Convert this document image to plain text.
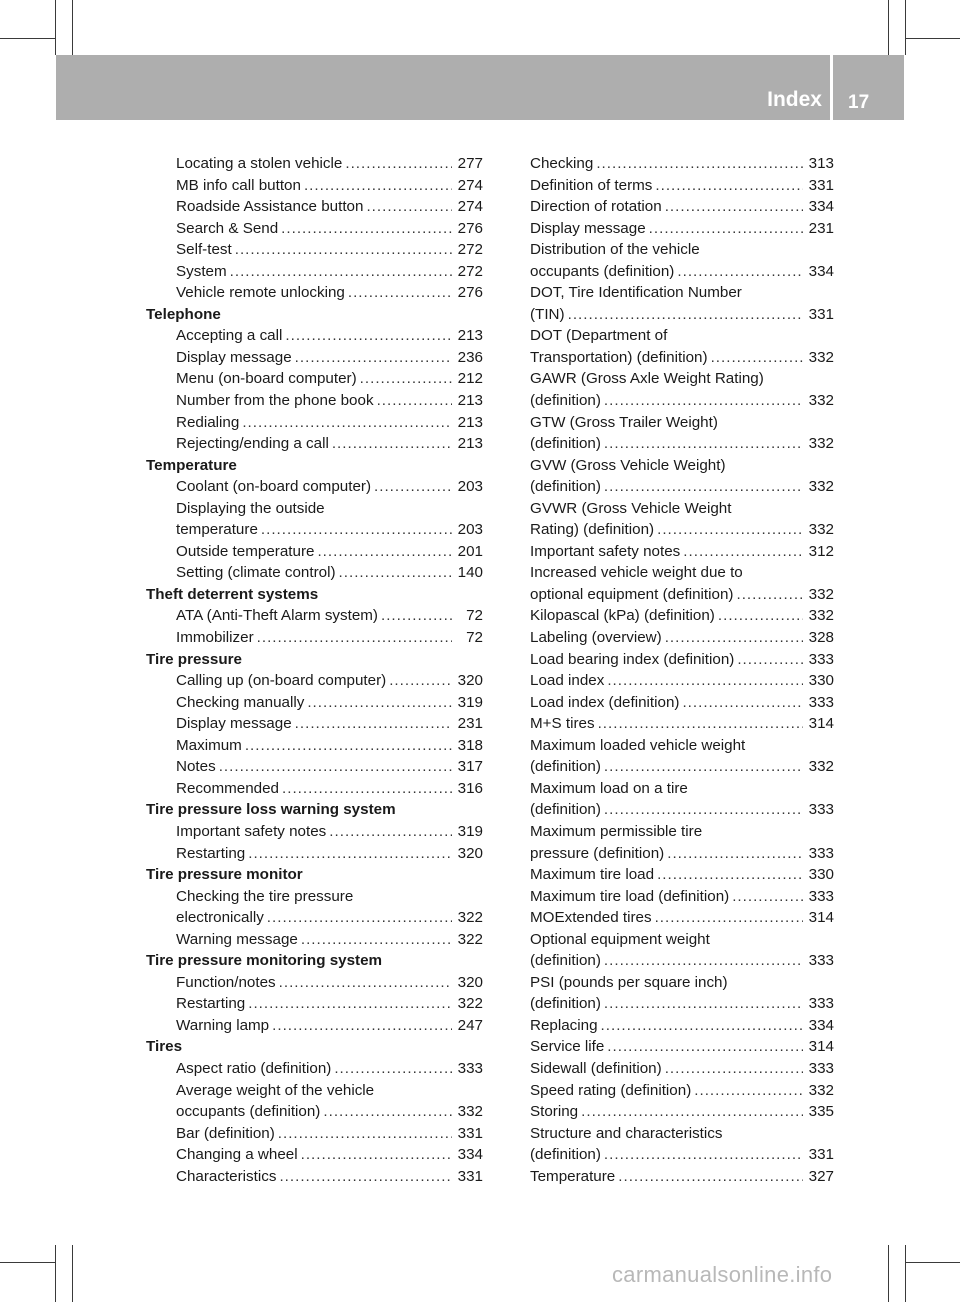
Index 17
Locating a stolen vehicle .....	277
MB info call button .....	274
Roadside Assistance button .....	274
Search & Send .....	276
Self-test .....	272
System .....	272
Vehicle remote unlocking .....	276
Telephone
Accepting a call .....	213
Display message .....	236
Menu (on-board computer) .....	212
Number from the phone book .....	213
Redialing .....	213
Rejecting/ending a call .....	213
Temperature
Coolant (on-board computer) .....	203
Displaying the outside
temperature .....	203
Outside temperature .....	201
Setting (climate control) .....	140
Theft deterrent systems
ATA (Anti-Theft Alarm system) .....	72
Immobilizer .....	72
Tire pressure
Calling up (on-board computer) .....	320
Checking manually .....	319
Display message .....	231
Maximum .....	318
Notes .....	317
Recommended .....	316
Tire pressure loss warning system
Important safety notes .....	319
Restarting .....	320
Tire pressure monitor
Checking the tire pressure
electronically .....	322
Warning message .....	322
Tire pressure monitoring system
Function/notes .....	320
Restarting .....	322
Warning lamp .....	247
Tires
Aspect ratio (definition) .....	333
Average weight of the vehicle
occupants (definition) .....	332
Bar (definition) .....	331
Changing a wheel .....	334
Characteristics .....	331
Checking .....	313
Definition of terms .....	331
Direction of rotation .....	334
Display message .....	231
Distribution of the vehicle
occupants (definition) .....	334
DOT, Tire Identification Number
(TIN) .....	331
DOT (Department of
Transportation) (definition) .....	332
GAWR (Gross Axle Weight Rating)
(definition) .....	332
GTW (Gross Trailer Weight)
(definition) .....	332
GVW (Gross Vehicle Weight)
(definition) .....	332
GVWR (Gross Vehicle Weight
Rating) (definition) .....	332
Important safety notes .....	312
Increased vehicle weight due to
optional equipment (definition) .....	332
Kilopascal (kPa) (definition) .....	332
Labeling (overview) .....	328
Load bearing index (definition) .....	333
Load index .....	330
Load index (definition) .....	333
M+S tires .....	314
Maximum loaded vehicle weight
(definition) .....	332
Maximum load on a tire
(definition) .....	333
Maximum permissible tire
pressure (definition) .....	333
Maximum tire load .....	330
Maximum tire load (definition) .....	333
MOExtended tires .....	314
Optional equipment weight
(definition) .....	333
PSI (pounds per square inch)
(definition) .....	333
Replacing .....	334
Service life .....	314
Sidewall (definition) .....	333
Speed rating (definition) .....	332
Storing .....	335
Structure and characteristics
(definition) .....	331
Temperature .....	327
carmanualsonline.info
